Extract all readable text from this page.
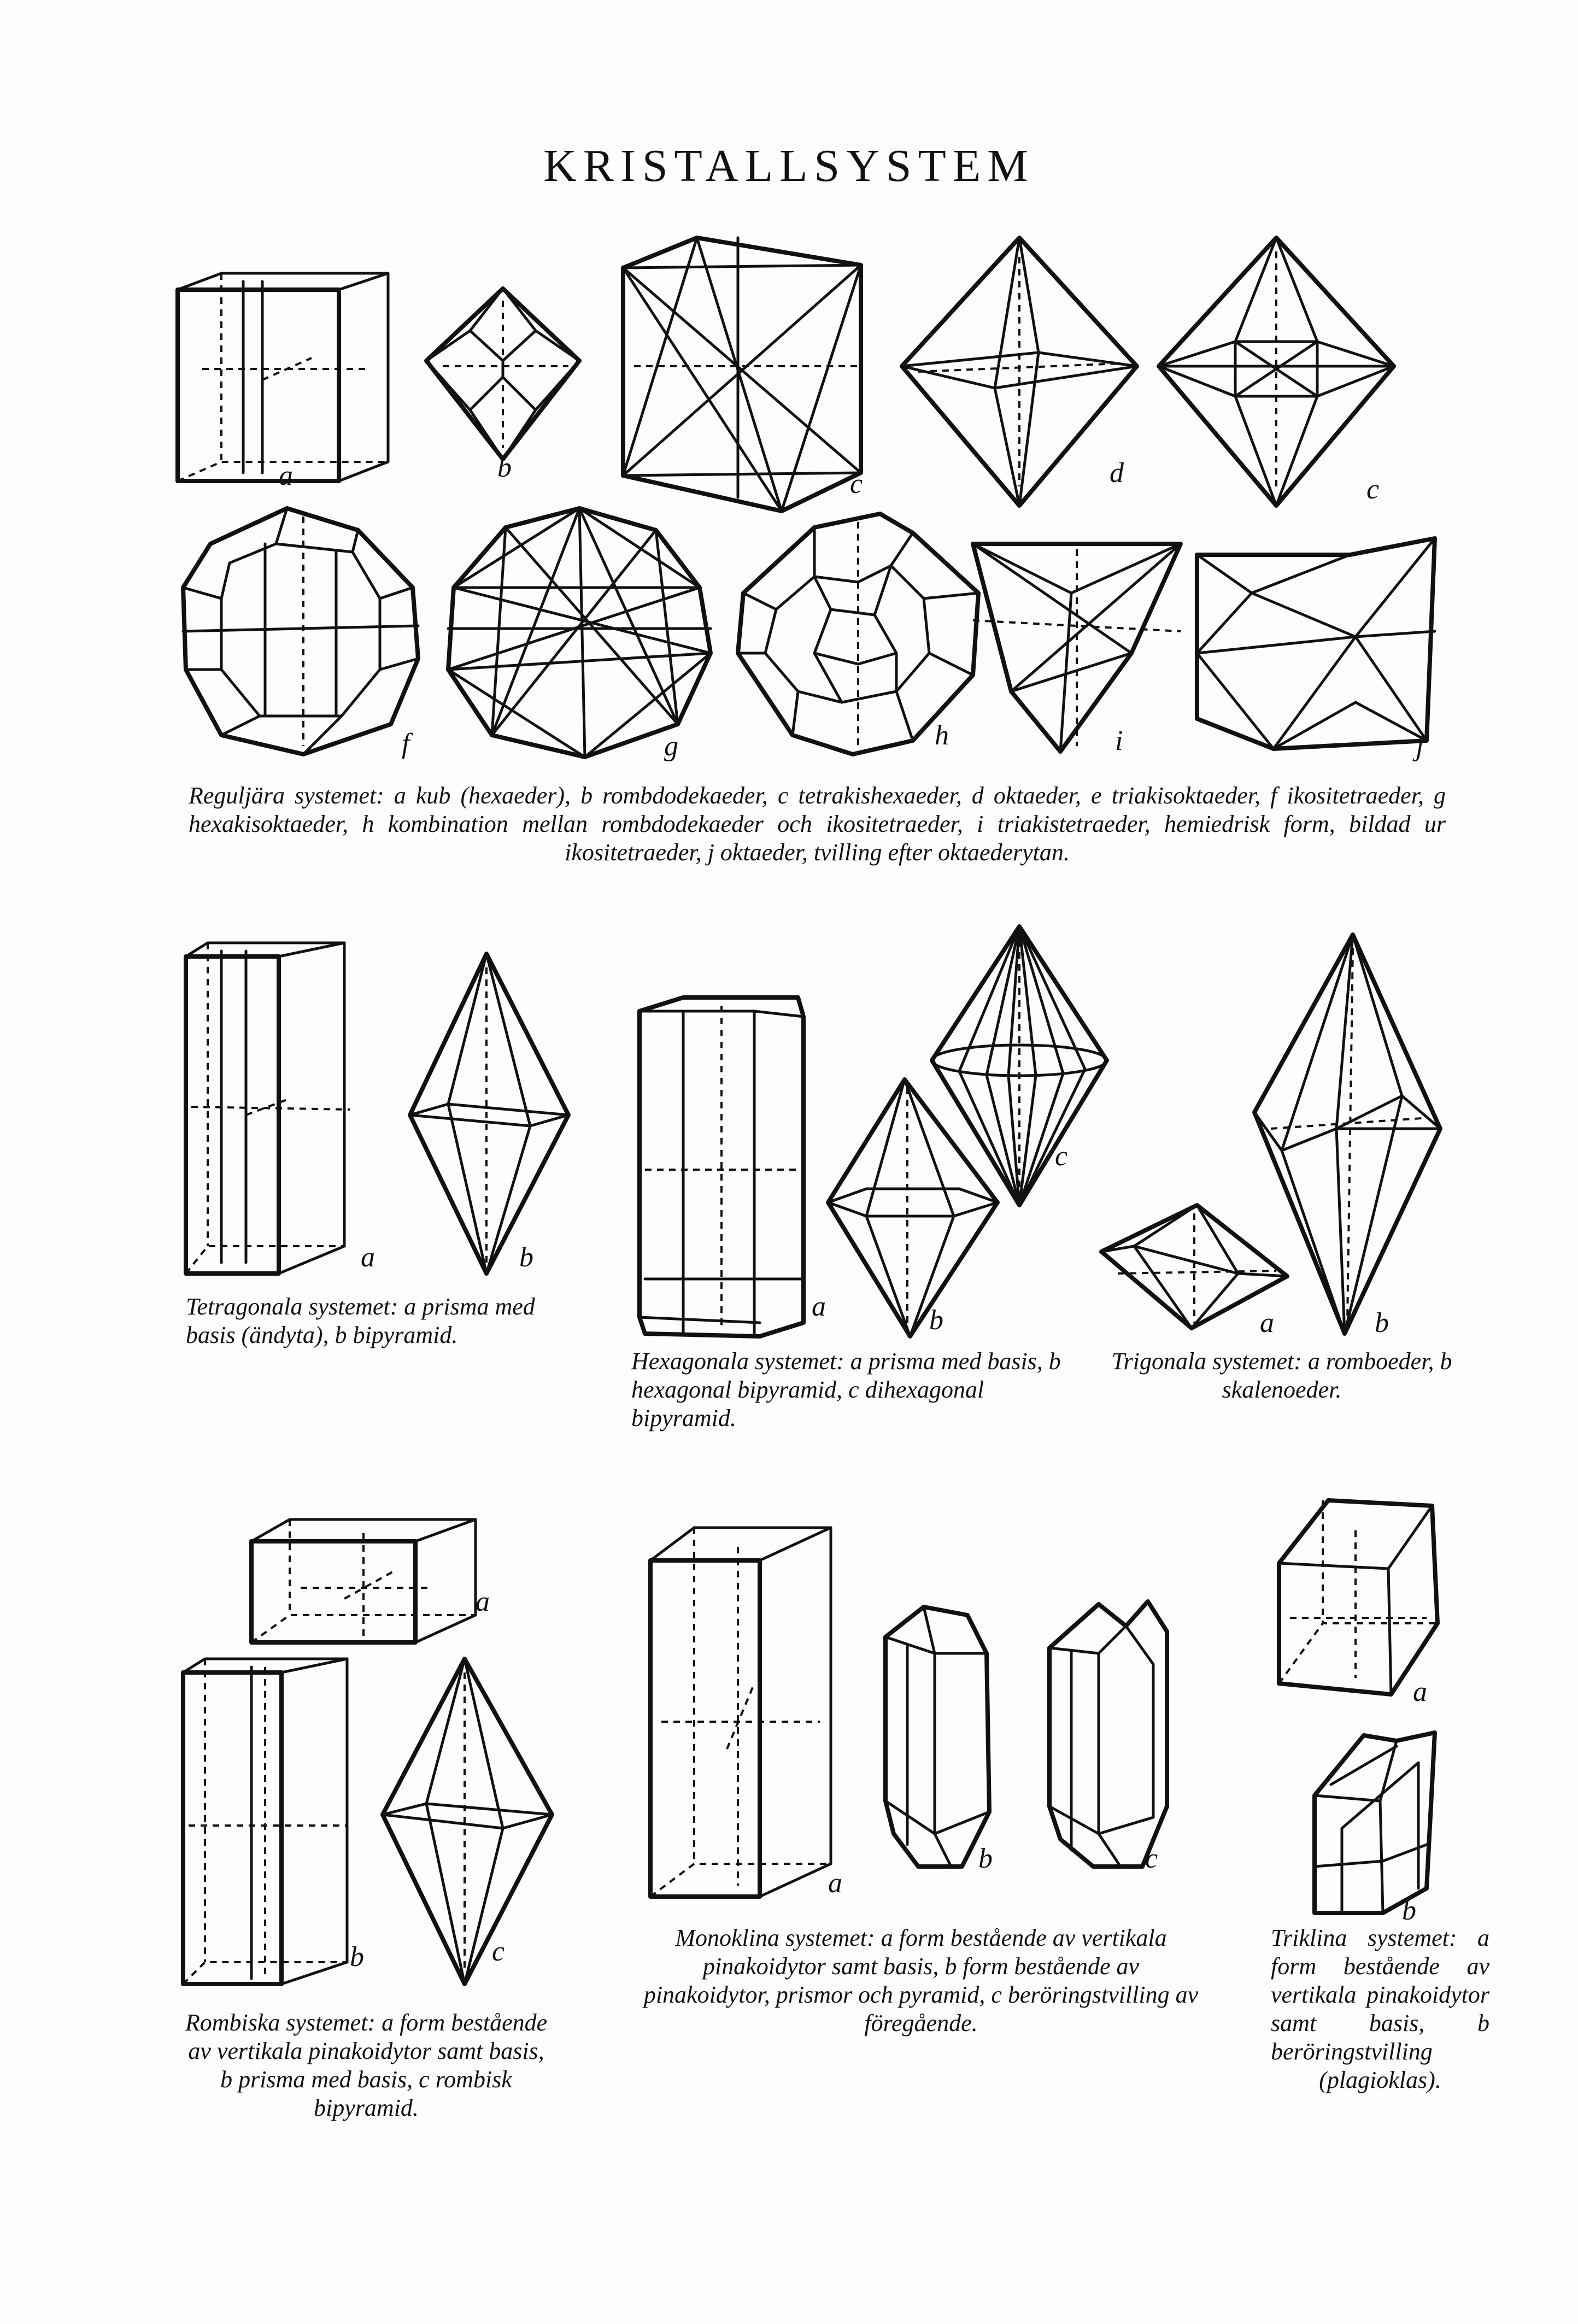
KRISTALLSYSTEM
a	b
c	d
c
f	g	h	i	j
Reguljära systemet: a kub (hexaeder), b rombdodekaeder, c tetrakishexaeder, d oktaeder, e triakisoktaeder, f ikositetraeder, g hexakisoktaeder, h kombination mellan rombdodekaeder och ikositetraeder, i triakistetraeder, hemiedrisk form, bildad ur ikositetraeder, j oktaeder, tvilling efter oktaederytan.
a	b
Tetragonala systemet: a prisma med basis (ändyta), b bipyramid.
a	b
c
Hexagonala systemet: a prisma med basis, b hexagonal bipyramid, c dihexagonal bipyramid.
a	b
Trigonala systemet: a romboeder, b skalenoeder.
a
b	c
Rombiska systemet: a form bestående av vertikala pinakoidytor samt basis, b prisma med basis, c rombisk bipyramid.
a
b	c
Monoklina systemet: a form bestående av vertikala pinakoidytor samt basis, b form bestående av pinakoidytor, prismor och pyramid, c beröringstvilling av föregående.
a
b
Triklina systemet: a form bestående av vertikala pinakoidytor samt basis, b beröringstvilling (plagioklas).
